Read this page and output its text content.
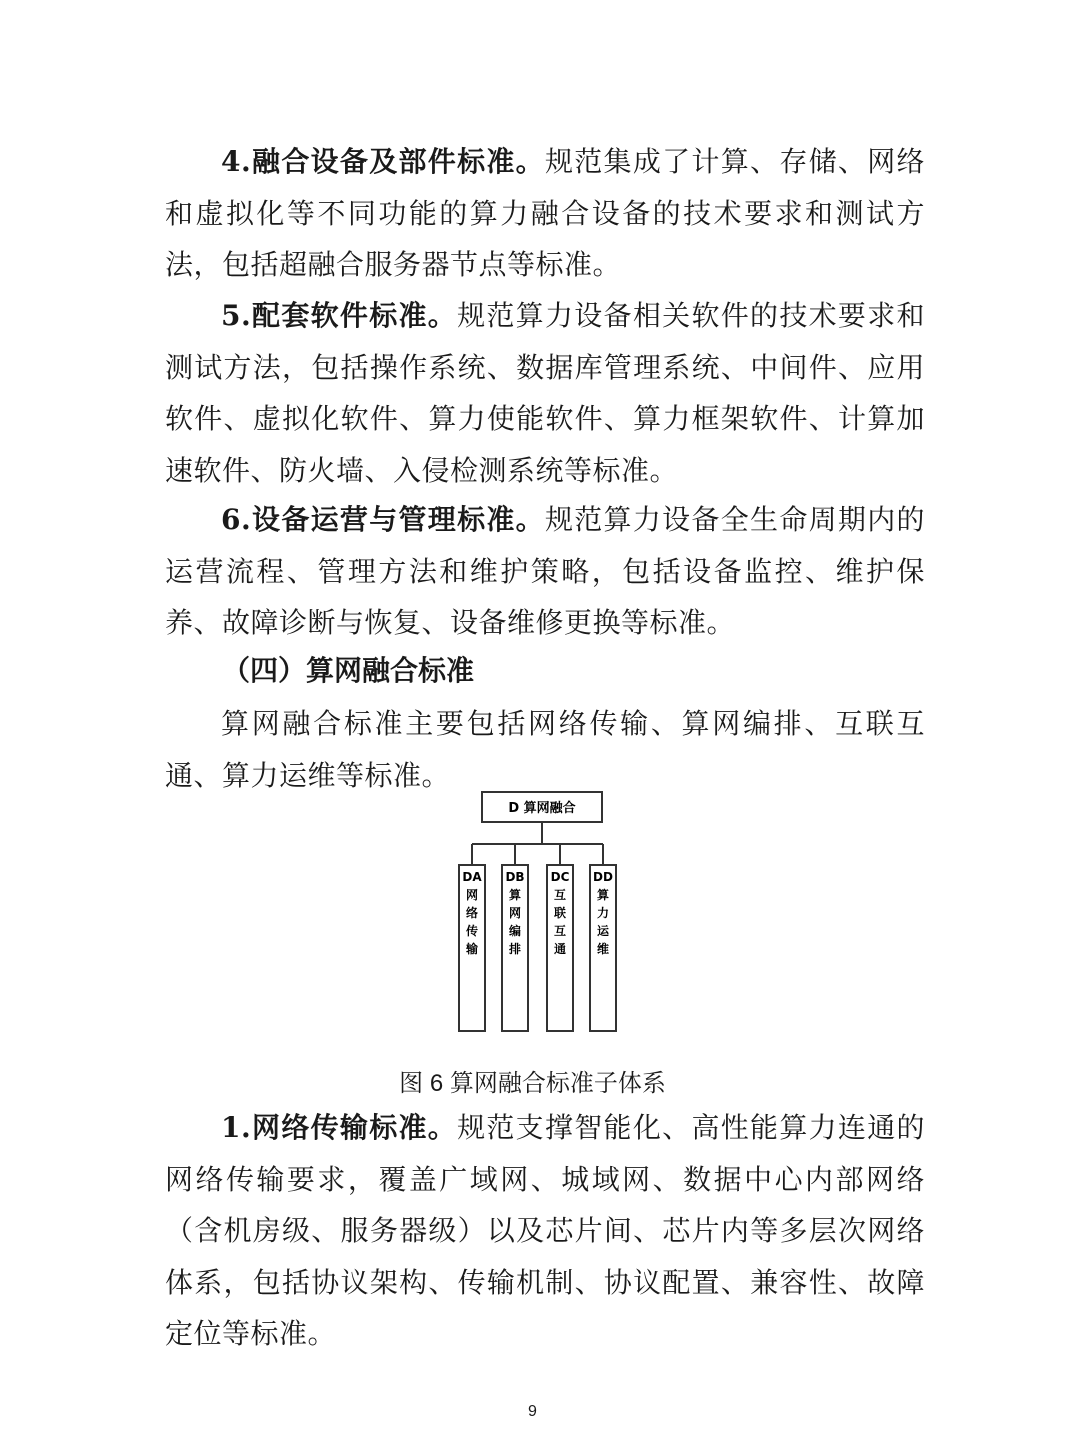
4.融合设备及部件标准。规范集成了计算、存储、网络和虚拟化等不同功能的算力融合设备的技术要求和测试方法，包括超融合服务器节点等标准。

5.配套软件标准。规范算力设备相关软件的技术要求和测试方法，包括操作系统、数据库管理系统、中间件、应用软件、虚拟化软件、算力使能软件、算力框架软件、计算加速软件、防火墙、入侵检测系统等标准。

6.设备运营与管理标准。规范算力设备全生命周期内的运营流程、管理方法和维护策略，包括设备监控、维护保养、故障诊断与恢复、设备维修更换等标准。

（四）算网融合标准

算网融合标准主要包括网络传输、算网编排、互联互通、算力运维等标准。

D 算网融合
DA
网
络
传
输
DB
算
网
编
排
DC
互
联
互
通
DD
算
力
运
维
图 6 算网融合标准子体系

1.网络传输标准。规范支撑智能化、高性能算力连通的网络传输要求，覆盖广域网、城域网、数据中心内部网络（含机房级、服务器级）以及芯片间、芯片内等多层次网络体系，包括协议架构、传输机制、协议配置、兼容性、故障定位等标准。

9
